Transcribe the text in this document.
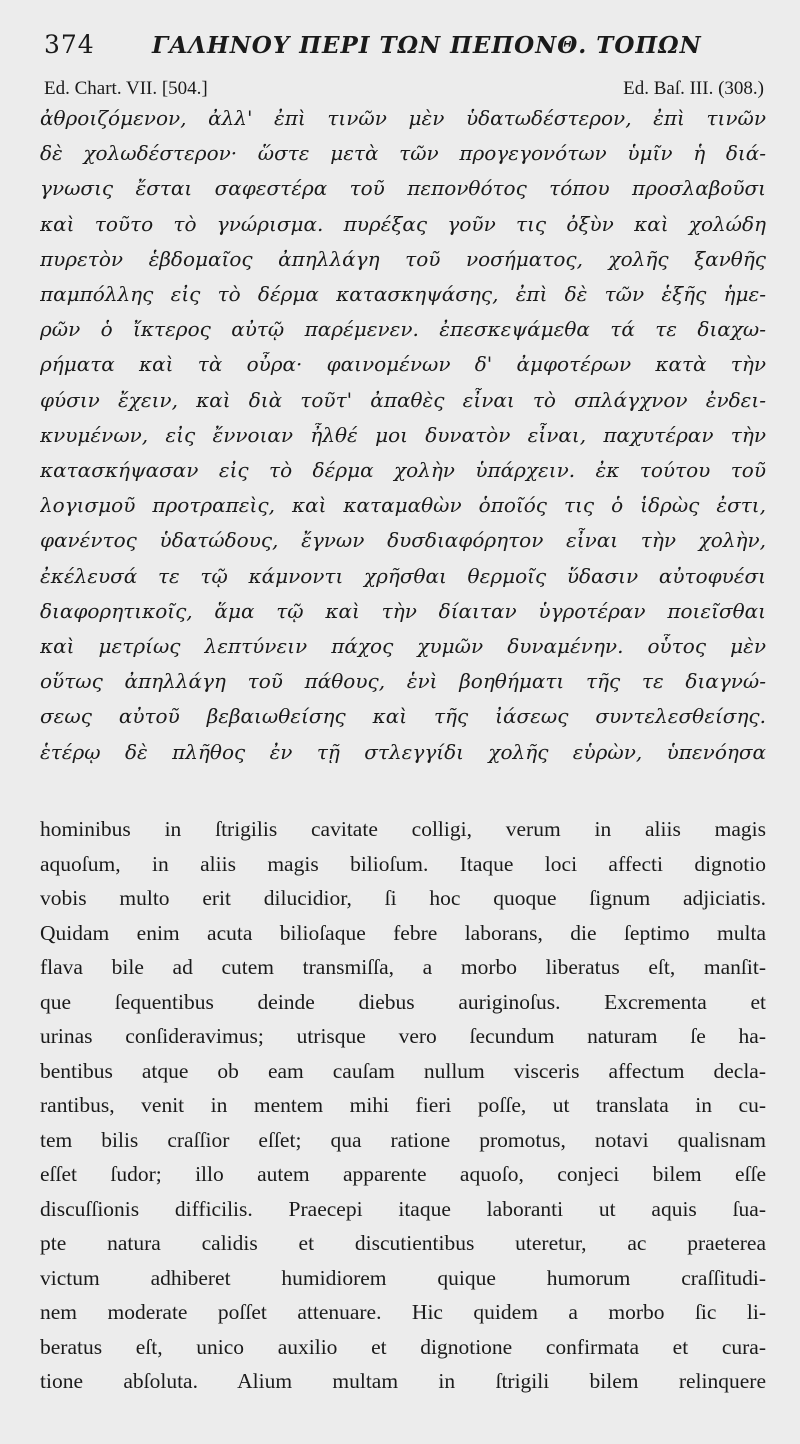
374 ΓΑΛΗΝΟΥ ΠΕΡΙ ΤΩΝ ΠΕΠΟΝΘ. ΤΟΠΩΝ
Ed. Chart. VII. [504.]	Ed. Baſ. III. (308.)
ἀθροιζόμενον, ἀλλ' ἐπὶ τινῶν μὲν ὑδατωδέστερον, ἐπὶ τινῶν
δὲ χολωδέστερον· ὥστε μετὰ τῶν προγεγονότων ὑμῖν ἡ διά-
γνωσις ἔσται σαφεστέρα τοῦ πεπονθότος τόπου προσλαβοῦσι
καὶ τοῦτο τὸ γνώρισμα. πυρέξας γοῦν τις ὀξὺν καὶ χολώδη
πυρετὸν ἑβδομαῖος ἀπηλλάγη τοῦ νοσήματος, χολῆς ξανθῆς
παμπόλλης εἰς τὸ δέρμα κατασκηψάσης, ἐπὶ δὲ τῶν ἑξῆς ἡμε-
ρῶν ὁ ἴκτερος αὐτῷ παρέμενεν. ἐπεσκεψάμεθα τά τε διαχω-
ρήματα καὶ τὰ οὖρα· φαινομένων δ' ἀμφοτέρων κατὰ τὴν
φύσιν ἔχειν, καὶ διὰ τοῦτ' ἀπαθὲς εἶναι τὸ σπλάγχνον ἐνδει-
κνυμένων, εἰς ἔννοιαν ἦλθέ μοι δυνατὸν εἶναι, παχυτέραν τὴν
κατασκήψασαν εἰς τὸ δέρμα χολὴν ὑπάρχειν. ἐκ τούτου τοῦ
λογισμοῦ προτραπεὶς, καὶ καταμαθὼν ὁποῖός τις ὁ ἱδρὼς ἐστι,
φανέντος ὑδατώδους, ἔγνων δυσδιαφόρητον εἶναι τὴν χολὴν,
ἐκέλευσά τε τῷ κάμνοντι χρῆσθαι θερμοῖς ὕδασιν αὐτοφυέσι
διαφορητικοῖς, ἅμα τῷ καὶ τὴν δίαιταν ὑγροτέραν ποιεῖσθαι
καὶ μετρίως λεπτύνειν πάχος χυμῶν δυναμένην. οὗτος μὲν
οὕτως ἀπηλλάγη τοῦ πάθους, ἑνὶ βοηθήματι τῆς τε διαγνώ-
σεως αὐτοῦ βεβαιωθείσης καὶ τῆς ἰάσεως συντελεσθείσης.
ἑτέρῳ δὲ πλῆθος ἐν τῇ στλεγγίδι χολῆς εὑρὼν, ὑπενόησα
hominibus in ſtrigilis cavitate colligi, verum in aliis magis
aquoſum, in aliis magis bilioſum. Itaque loci affecti dignotio
vobis multo erit dilucidior, ſi hoc quoque ſignum adjiciatis.
Quidam enim acuta bilioſaque febre laborans, die ſeptimo multa
flava bile ad cutem transmiſſa, a morbo liberatus eſt, manſit-
que ſequentibus deinde diebus auriginoſus. Excrementa et
urinas conſideravimus; utrisque vero ſecundum naturam ſe ha-
bentibus atque ob eam cauſam nullum visceris affectum decla-
rantibus, venit in mentem mihi fieri poſſe, ut translata in cu-
tem bilis craſſior eſſet; qua ratione promotus, notavi qualisnam
eſſet ſudor; illo autem apparente aquoſo, conjeci bilem eſſe
discuſſionis difficilis. Praecepi itaque laboranti ut aquis ſua-
pte natura calidis et discutientibus uteretur, ac praeterea
victum adhiberet humidiorem quique humorum craſſitudi-
nem moderate poſſet attenuare. Hic quidem a morbo ſic li-
beratus eſt, unico auxilio et dignotione confirmata et cura-
tione abſoluta. Alium multam in ſtrigili bilem relinquere
